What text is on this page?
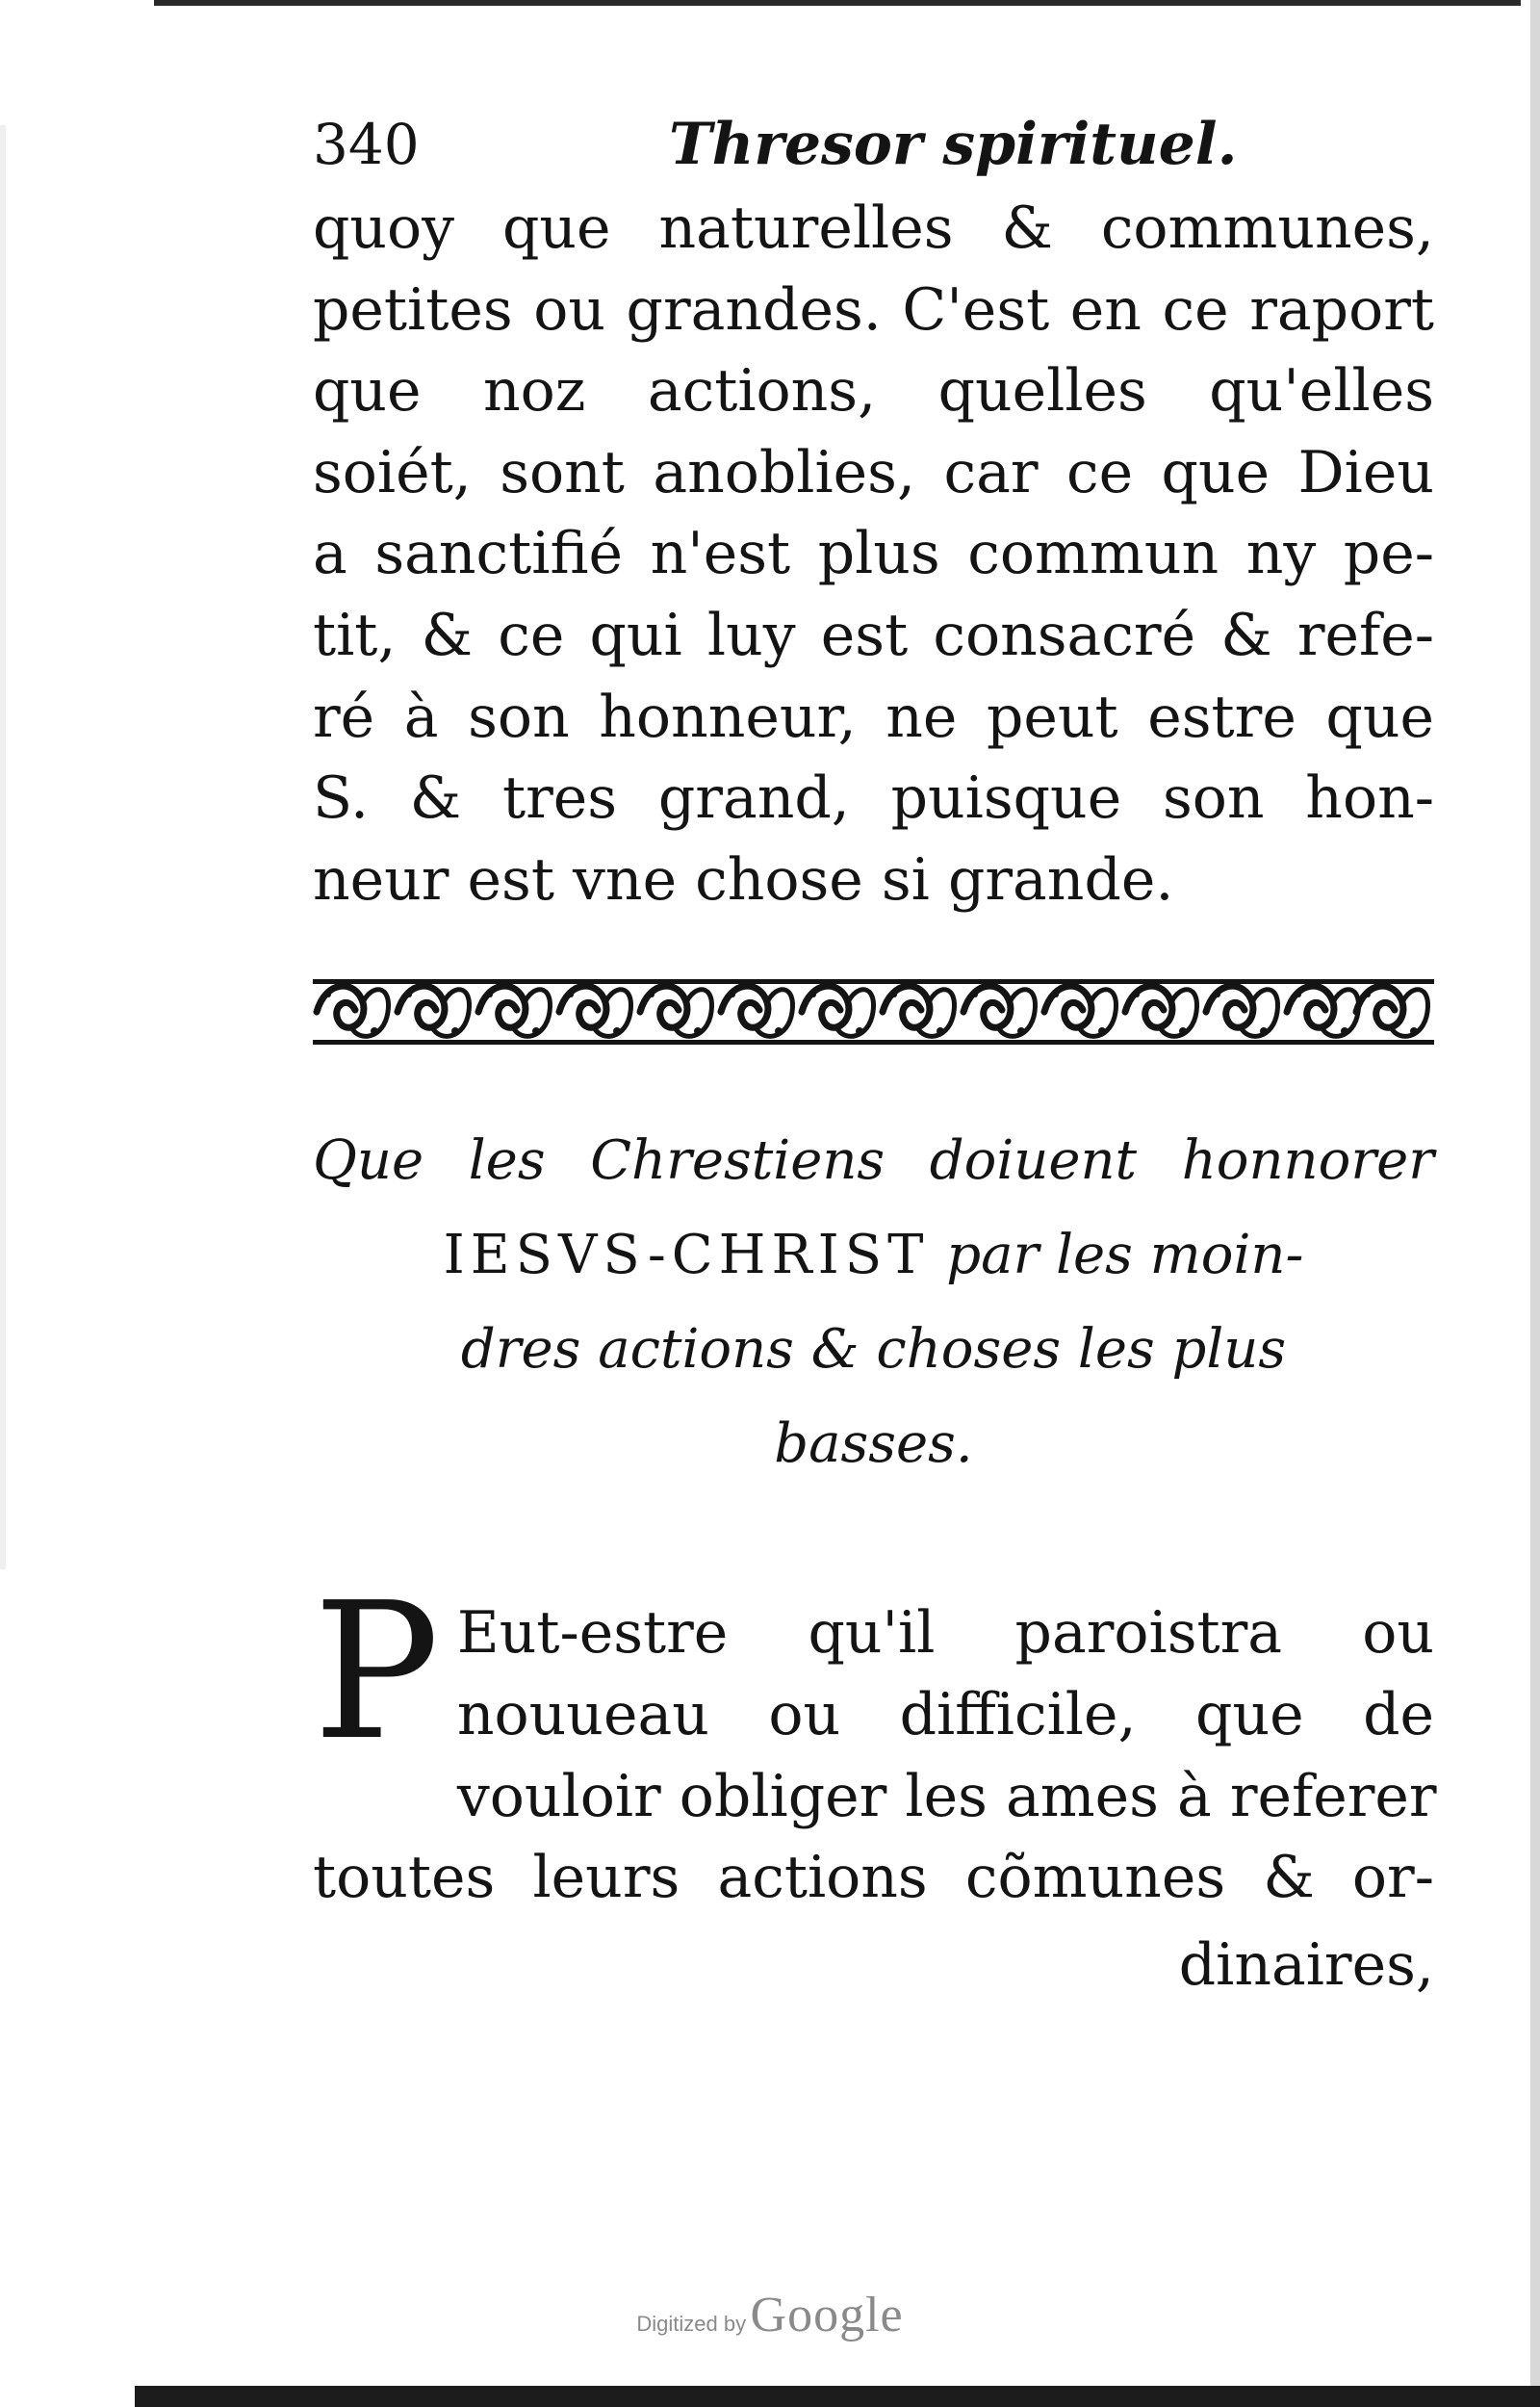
340	Thresor spirituel.
quoy que naturelles & communes,
petites ou grandes. C'est en ce raport
que noz actions, quelles qu'elles
soiét, sont anoblies, car ce que Dieu
a sanctifié n'est plus commun ny pe-
tit, & ce qui luy est consacré & refe-
ré à son honneur, ne peut estre que
S. & tres grand, puisque son hon-
neur est vne chose si grande.
Que les Chrestiens doiuent honnorer
IESVS-CHRIST par les moin-
dres actions & choses les plus
basses.
P Eut-estre qu'il paroistra ou
nouueau ou difficile, que de
vouloir obliger les ames à referer
toutes leurs actions cõmunes & or-
dinaires,
Digitized by Google
